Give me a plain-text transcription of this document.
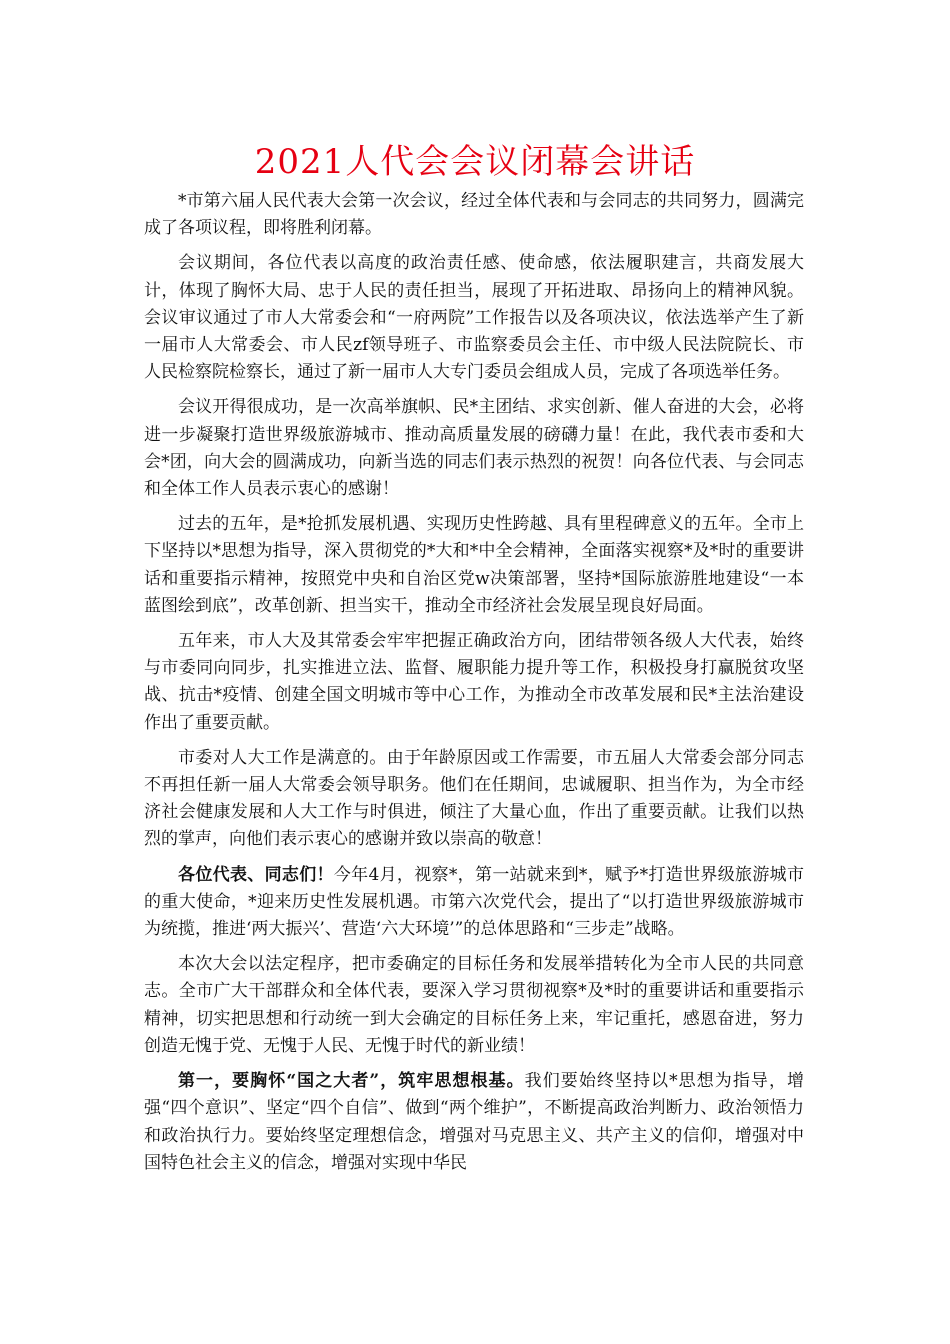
2021人代会会议闭幕会讲话

*市第六届人民代表大会第一次会议，经过全体代表和与会同志的共同努力，圆满完成了各项议程，即将胜利闭幕。

会议期间，各位代表以高度的政治责任感、使命感，依法履职建言，共商发展大计，体现了胸怀大局、忠于人民的责任担当，展现了开拓进取、昂扬向上的精神风貌。会议审议通过了市人大常委会和“一府两院”工作报告以及各项决议，依法选举产生了新一届市人大常委会、市人民zf领导班子、市监察委员会主任、市中级人民法院院长、市人民检察院检察长，通过了新一届市人大专门委员会组成人员，完成了各项选举任务。

会议开得很成功，是一次高举旗帜、民*主团结、求实创新、催人奋进的大会，必将进一步凝聚打造世界级旅游城市、推动高质量发展的磅礴力量！在此，我代表市委和大会*团，向大会的圆满成功，向新当选的同志们表示热烈的祝贺！向各位代表、与会同志和全体工作人员表示衷心的感谢！

过去的五年，是*抢抓发展机遇、实现历史性跨越、具有里程碑意义的五年。全市上下坚持以*思想为指导，深入贯彻党的*大和*中全会精神，全面落实视察*及*时的重要讲话和重要指示精神，按照党中央和自治区党w决策部署，坚持*国际旅游胜地建设“一本蓝图绘到底”，改革创新、担当实干，推动全市经济社会发展呈现良好局面。

五年来，市人大及其常委会牢牢把握正确政治方向，团结带领各级人大代表，始终与市委同向同步，扎实推进立法、监督、履职能力提升等工作，积极投身打赢脱贫攻坚战、抗击*疫情、创建全国文明城市等中心工作，为推动全市改革发展和民*主法治建设作出了重要贡献。

市委对人大工作是满意的。由于年龄原因或工作需要，市五届人大常委会部分同志不再担任新一届人大常委会领导职务。他们在任期间，忠诚履职、担当作为，为全市经济社会健康发展和人大工作与时俱进，倾注了大量心血，作出了重要贡献。让我们以热烈的掌声，向他们表示衷心的感谢并致以崇高的敬意！

各位代表、同志们！今年4月，视察*，第一站就来到*，赋予*打造世界级旅游城市的重大使命，*迎来历史性发展机遇。市第六次党代会，提出了“以打造世界级旅游城市为统揽，推进‘两大振兴’、营造‘六大环境’”的总体思路和“三步走”战略。

本次大会以法定程序，把市委确定的目标任务和发展举措转化为全市人民的共同意志。全市广大干部群众和全体代表，要深入学习贯彻视察*及*时的重要讲话和重要指示精神，切实把思想和行动统一到大会确定的目标任务上来，牢记重托，感恩奋进，努力创造无愧于党、无愧于人民、无愧于时代的新业绩！

第一，要胸怀“国之大者”，筑牢思想根基。我们要始终坚持以*思想为指导，增强“四个意识”、坚定“四个自信”、做到“两个维护”，不断提高政治判断力、政治领悟力和政治执行力。要始终坚定理想信念，增强对马克思主义、共产主义的信仰，增强对中国特色社会主义的信念，增强对实现中华民
